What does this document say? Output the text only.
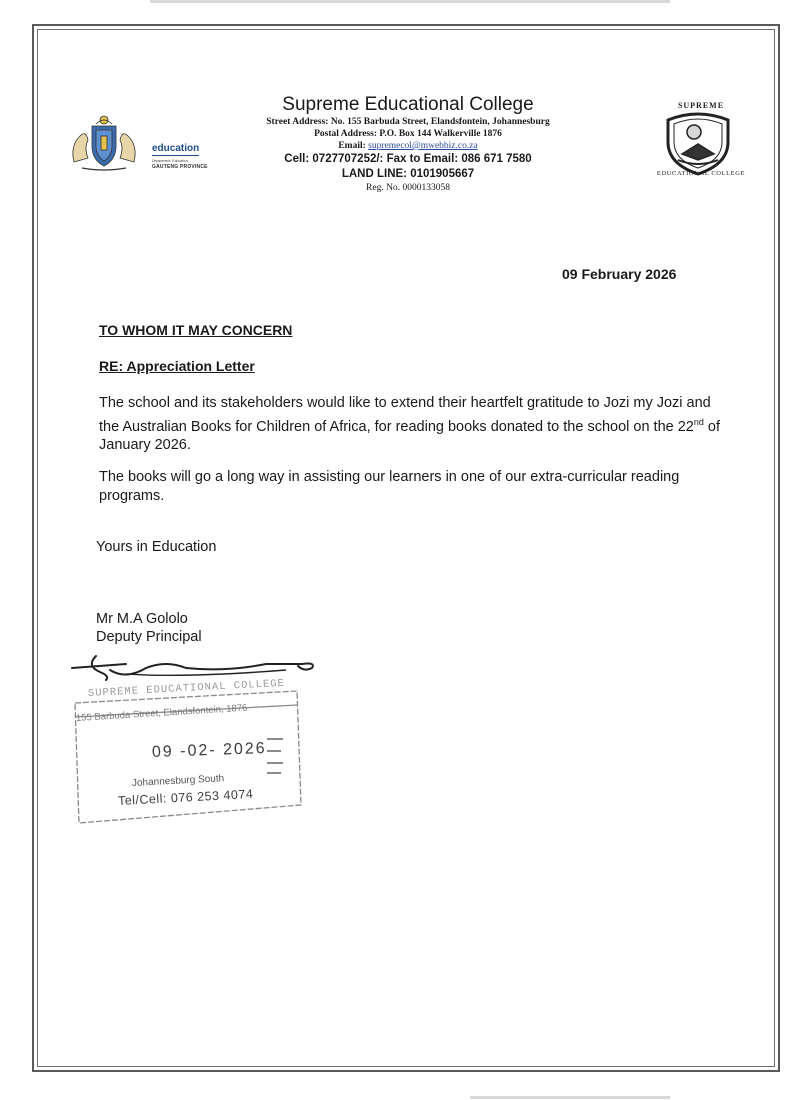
education
Department: Education
GAUTENG PROVINCE
Supreme Educational College
Street Address: No. 155 Barbuda Street, Elandsfontein, Johannesburg
Postal Address: P.O. Box 144 Walkerville 1876
Email: supremecol@mwebbiz.co.za
Cell: 0727707252/: Fax to Email: 086 671 7580
LAND LINE: 0101905667
Reg. No. 0000133058
SUPREME
EDUCATIONAL COLLEGE
09 February 2026
TO WHOM IT MAY CONCERN
RE: Appreciation Letter
The school and its stakeholders would like to extend their heartfelt gratitude to Jozi my Jozi and the Australian Books for Children of Africa, for reading books donated to the school on the 22nd of January 2026.
The books will go a long way in assisting our learners in one of our extra-curricular reading programs.
Yours in Education
Mr M.A Gololo
Deputy Principal
SUPREME EDUCATIONAL COLLEGE
155 Barbuda Street, Elandsfontein, 1876
09 -02- 2026
Johannesburg South
Tel/Cell: 076 253 4074
